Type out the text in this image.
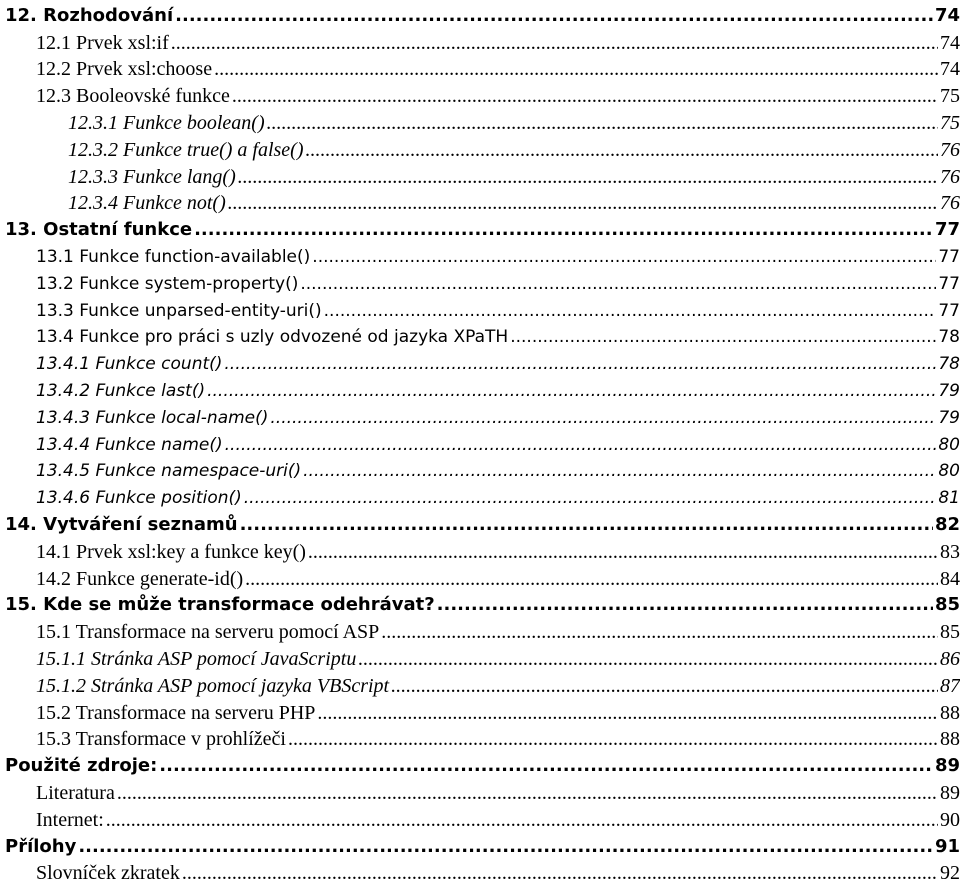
12. Rozhodování .....	74
12.1 Prvek xsl:if .....	74
12.2 Prvek xsl:choose .....	74
12.3 Booleovské funkce .....	75
12.3.1 Funkce boolean() .....	75
12.3.2 Funkce true() a false() .....	76
12.3.3 Funkce lang() .....	76
12.3.4 Funkce not() .....	76
13. Ostatní funkce .....	77
13.1 Funkce function-available() .....	77
13.2 Funkce system-property() .....	77
13.3 Funkce unparsed-entity-uri() .....	77
13.4 Funkce pro práci s uzly odvozené od jazyka XPaTH .....	78
13.4.1 Funkce count() .....	78
13.4.2 Funkce last() .....	79
13.4.3 Funkce local-name() .....	79
13.4.4 Funkce name() .....	80
13.4.5 Funkce namespace-uri() .....	80
13.4.6 Funkce position() .....	81
14. Vytváření seznamů .....	82
14.1 Prvek xsl:key a funkce key() .....	83
14.2 Funkce generate-id() .....	84
15. Kde se může transformace odehrávat? .....	85
15.1 Transformace na serveru pomocí ASP .....	85
15.1.1 Stránka ASP pomocí JavaScriptu .....	86
15.1.2 Stránka ASP pomocí jazyka VBScript .....	87
15.2 Transformace na serveru PHP .....	88
15.3 Transformace v prohlížeči .....	88
Použité zdroje: .....	89
Literatura .....	89
Internet: .....	90
Přílohy .....	91
Slovníček zkratek .....	92
